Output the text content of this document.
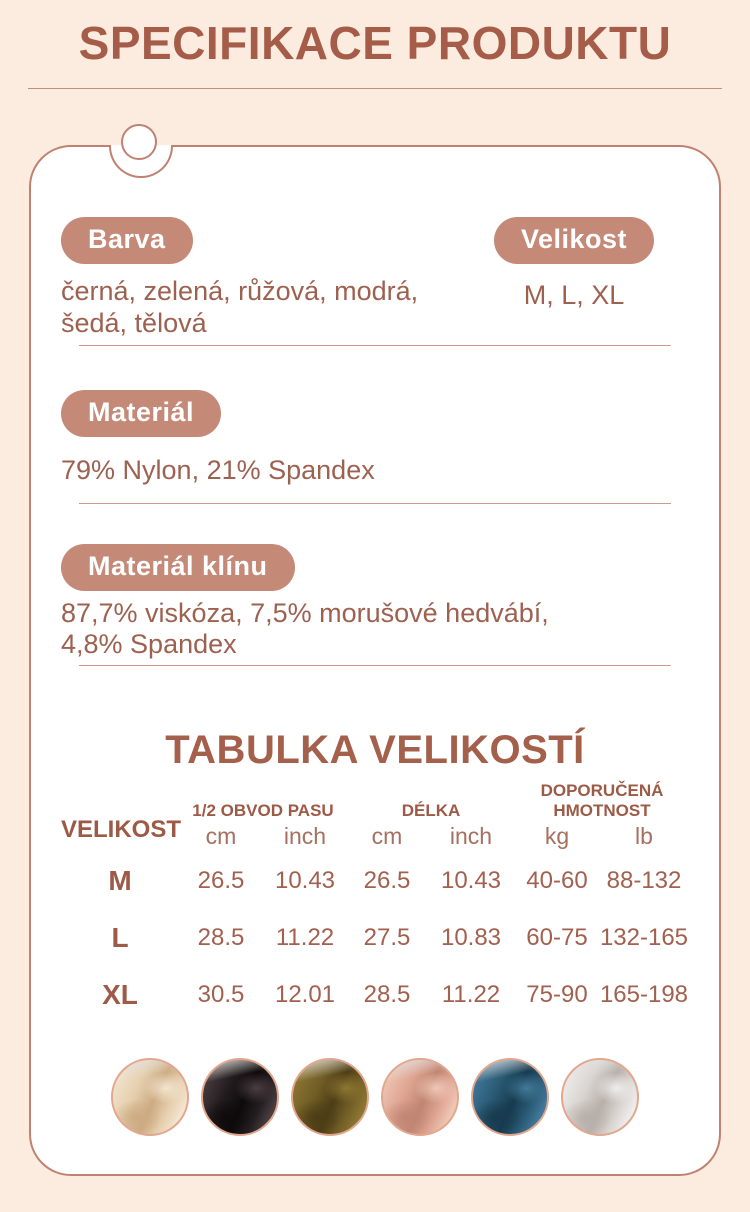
SPECIFIKACE PRODUKTU
Barva
černá, zelená, růžová, modrá,
šedá, tělová
Velikost
M, L, XL
Materiál
79% Nylon, 21% Spandex
Materiál klínu
87,7% viskóza, 7,5% morušové hedvábí,
4,8% Spandex
TABULKA VELIKOSTÍ
VELIKOST
1/2 OBVOD PASU	DÉLKA
DOPORUČENÁ HMOTNOST
cm	inch	cm	inch	kg	lb
M	26.5	10.43	26.5	10.43	40-60 88-132
L	28.5	11.22	27.5	10.83	60-75 132-165
XL	30.5	12.01	28.5	11.22	75-90 165-198
